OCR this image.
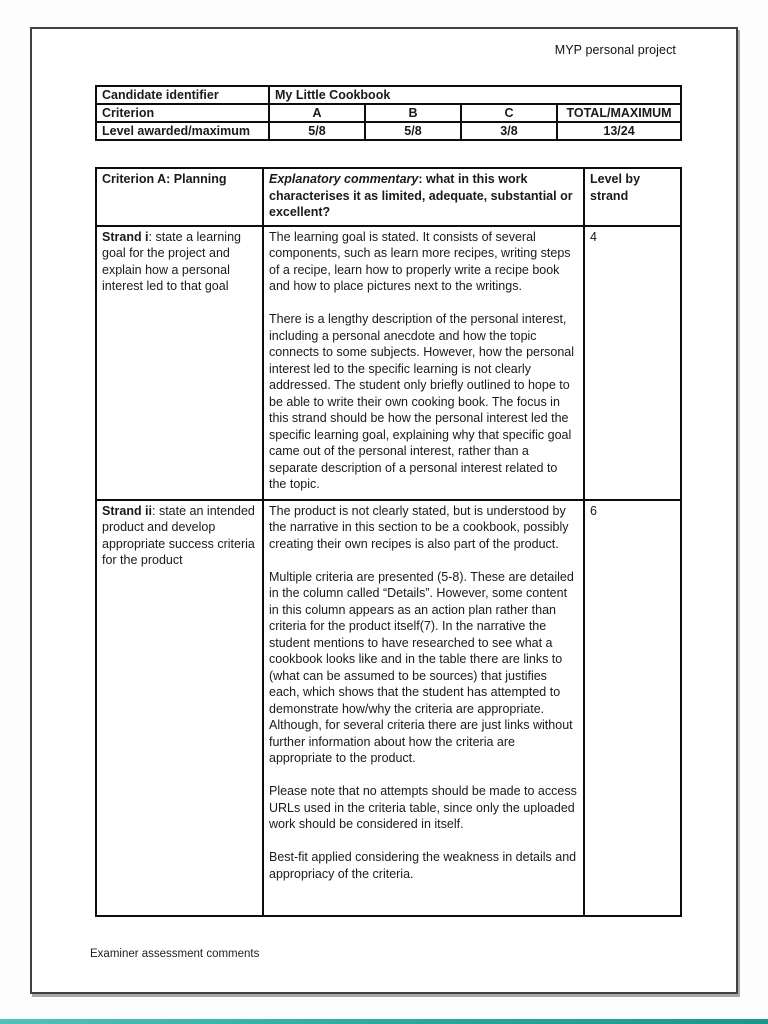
MYP personal project
Candidate identifier	My Little Cookbook			
Criterion	A	B	C	TOTAL/MAXIMUM
Level awarded/maximum	5/8	5/8	3/8	13/24
Criterion A: Planning	Explanatory commentary: what in this work characterises it as limited, adequate, substantial or excellent?	Level by strand
Strand i: state a learning goal for the project and explain how a personal interest led to that goal	The learning goal is stated. It consists of several components, such as learn more recipes, writing steps of a recipe, learn how to properly write a recipe book and how to place pictures next to the writings.

There is a lengthy description of the personal interest, including a personal anecdote and how the topic connects to some subjects. However, how the personal interest led to the specific learning is not clearly addressed. The student only briefly outlined to hope to be able to write their own cooking book. The focus in this strand should be how the personal interest led the specific learning goal, explaining why that specific goal came out of the personal interest, rather than a separate description of a personal interest related to the topic.	4
Strand ii: state an intended product and develop appropriate success criteria for the product	The product is not clearly stated, but is understood by the narrative in this section to be a cookbook, possibly creating their own recipes is also part of the product.

Multiple criteria are presented (5-8). These are detailed in the column called “Details”. However, some content in this column appears as an action plan rather than criteria for the product itself(7). In the narrative the student mentions to have researched to see what a cookbook looks like and in the table there are links to (what can be assumed to be sources) that justifies each, which shows that the student has attempted to demonstrate how/why the criteria are appropriate. Although, for several criteria there are just links without further information about how the criteria are appropriate to the product.

Please note that no attempts should be made to access URLs used in the criteria table, since only the uploaded work should be considered in itself.

Best-fit applied considering the weakness in details and appropriacy of the criteria.	6
Examiner assessment comments
